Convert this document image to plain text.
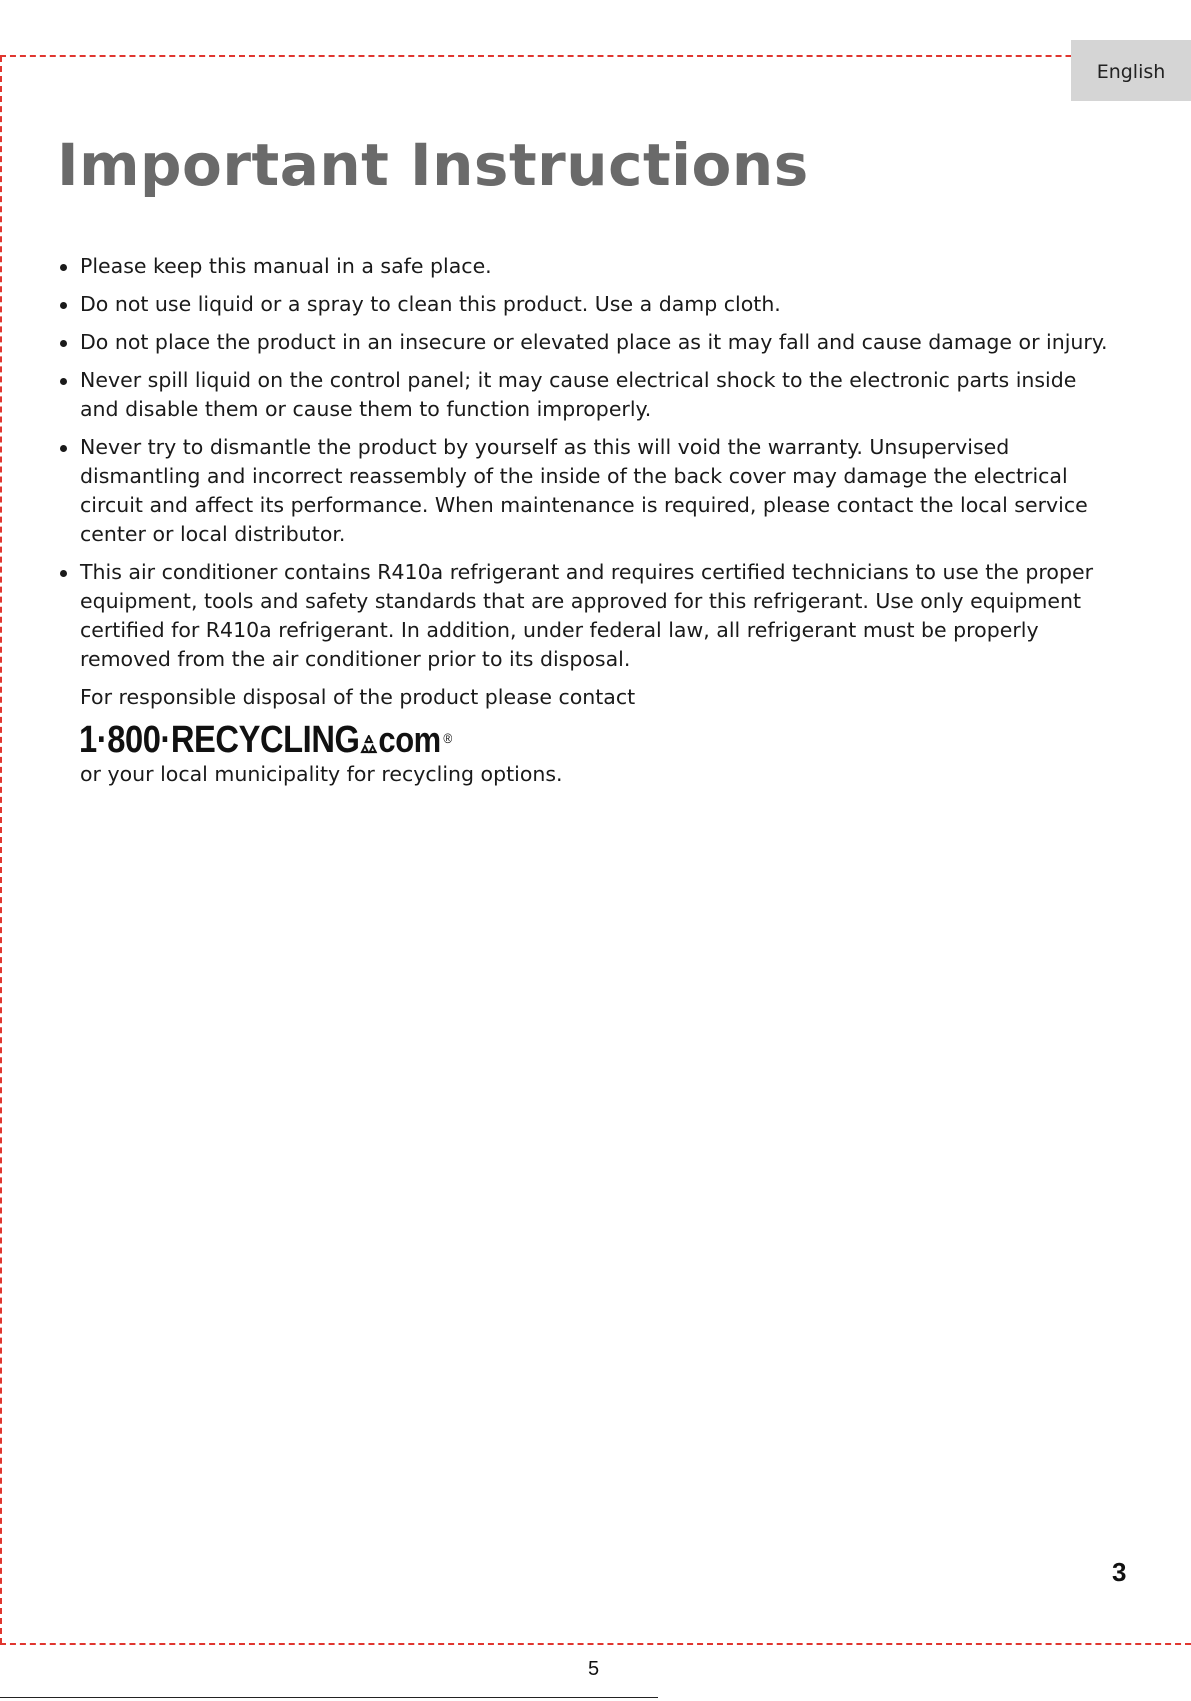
English
Important Instructions
Please keep this manual in a safe place.
Do not use liquid or a spray to clean this product. Use a damp cloth.
Do not place the product in an insecure or elevated place as it may fall and cause damage or injury.
Never spill liquid on the control panel; it may cause electrical shock to the electronic parts inside and disable them or cause them to function improperly.
Never try to dismantle the product by yourself as this will void the warranty. Unsupervised dismantling and incorrect reassembly of the inside of the back cover may damage the electrical circuit and affect its performance. When maintenance is required, please contact the local service center or local distributor.
This air conditioner contains R410a refrigerant and requires certified technicians to use the proper equipment, tools and safety standards that are approved for this refrigerant. Use only equipment certified for R410a refrigerant. In addition, under federal law, all refrigerant must be properly removed from the air conditioner prior to its disposal.

For responsible disposal of the product please contact

1·800·RECYCLING com ®

or your local municipality for recycling options.

3
5
